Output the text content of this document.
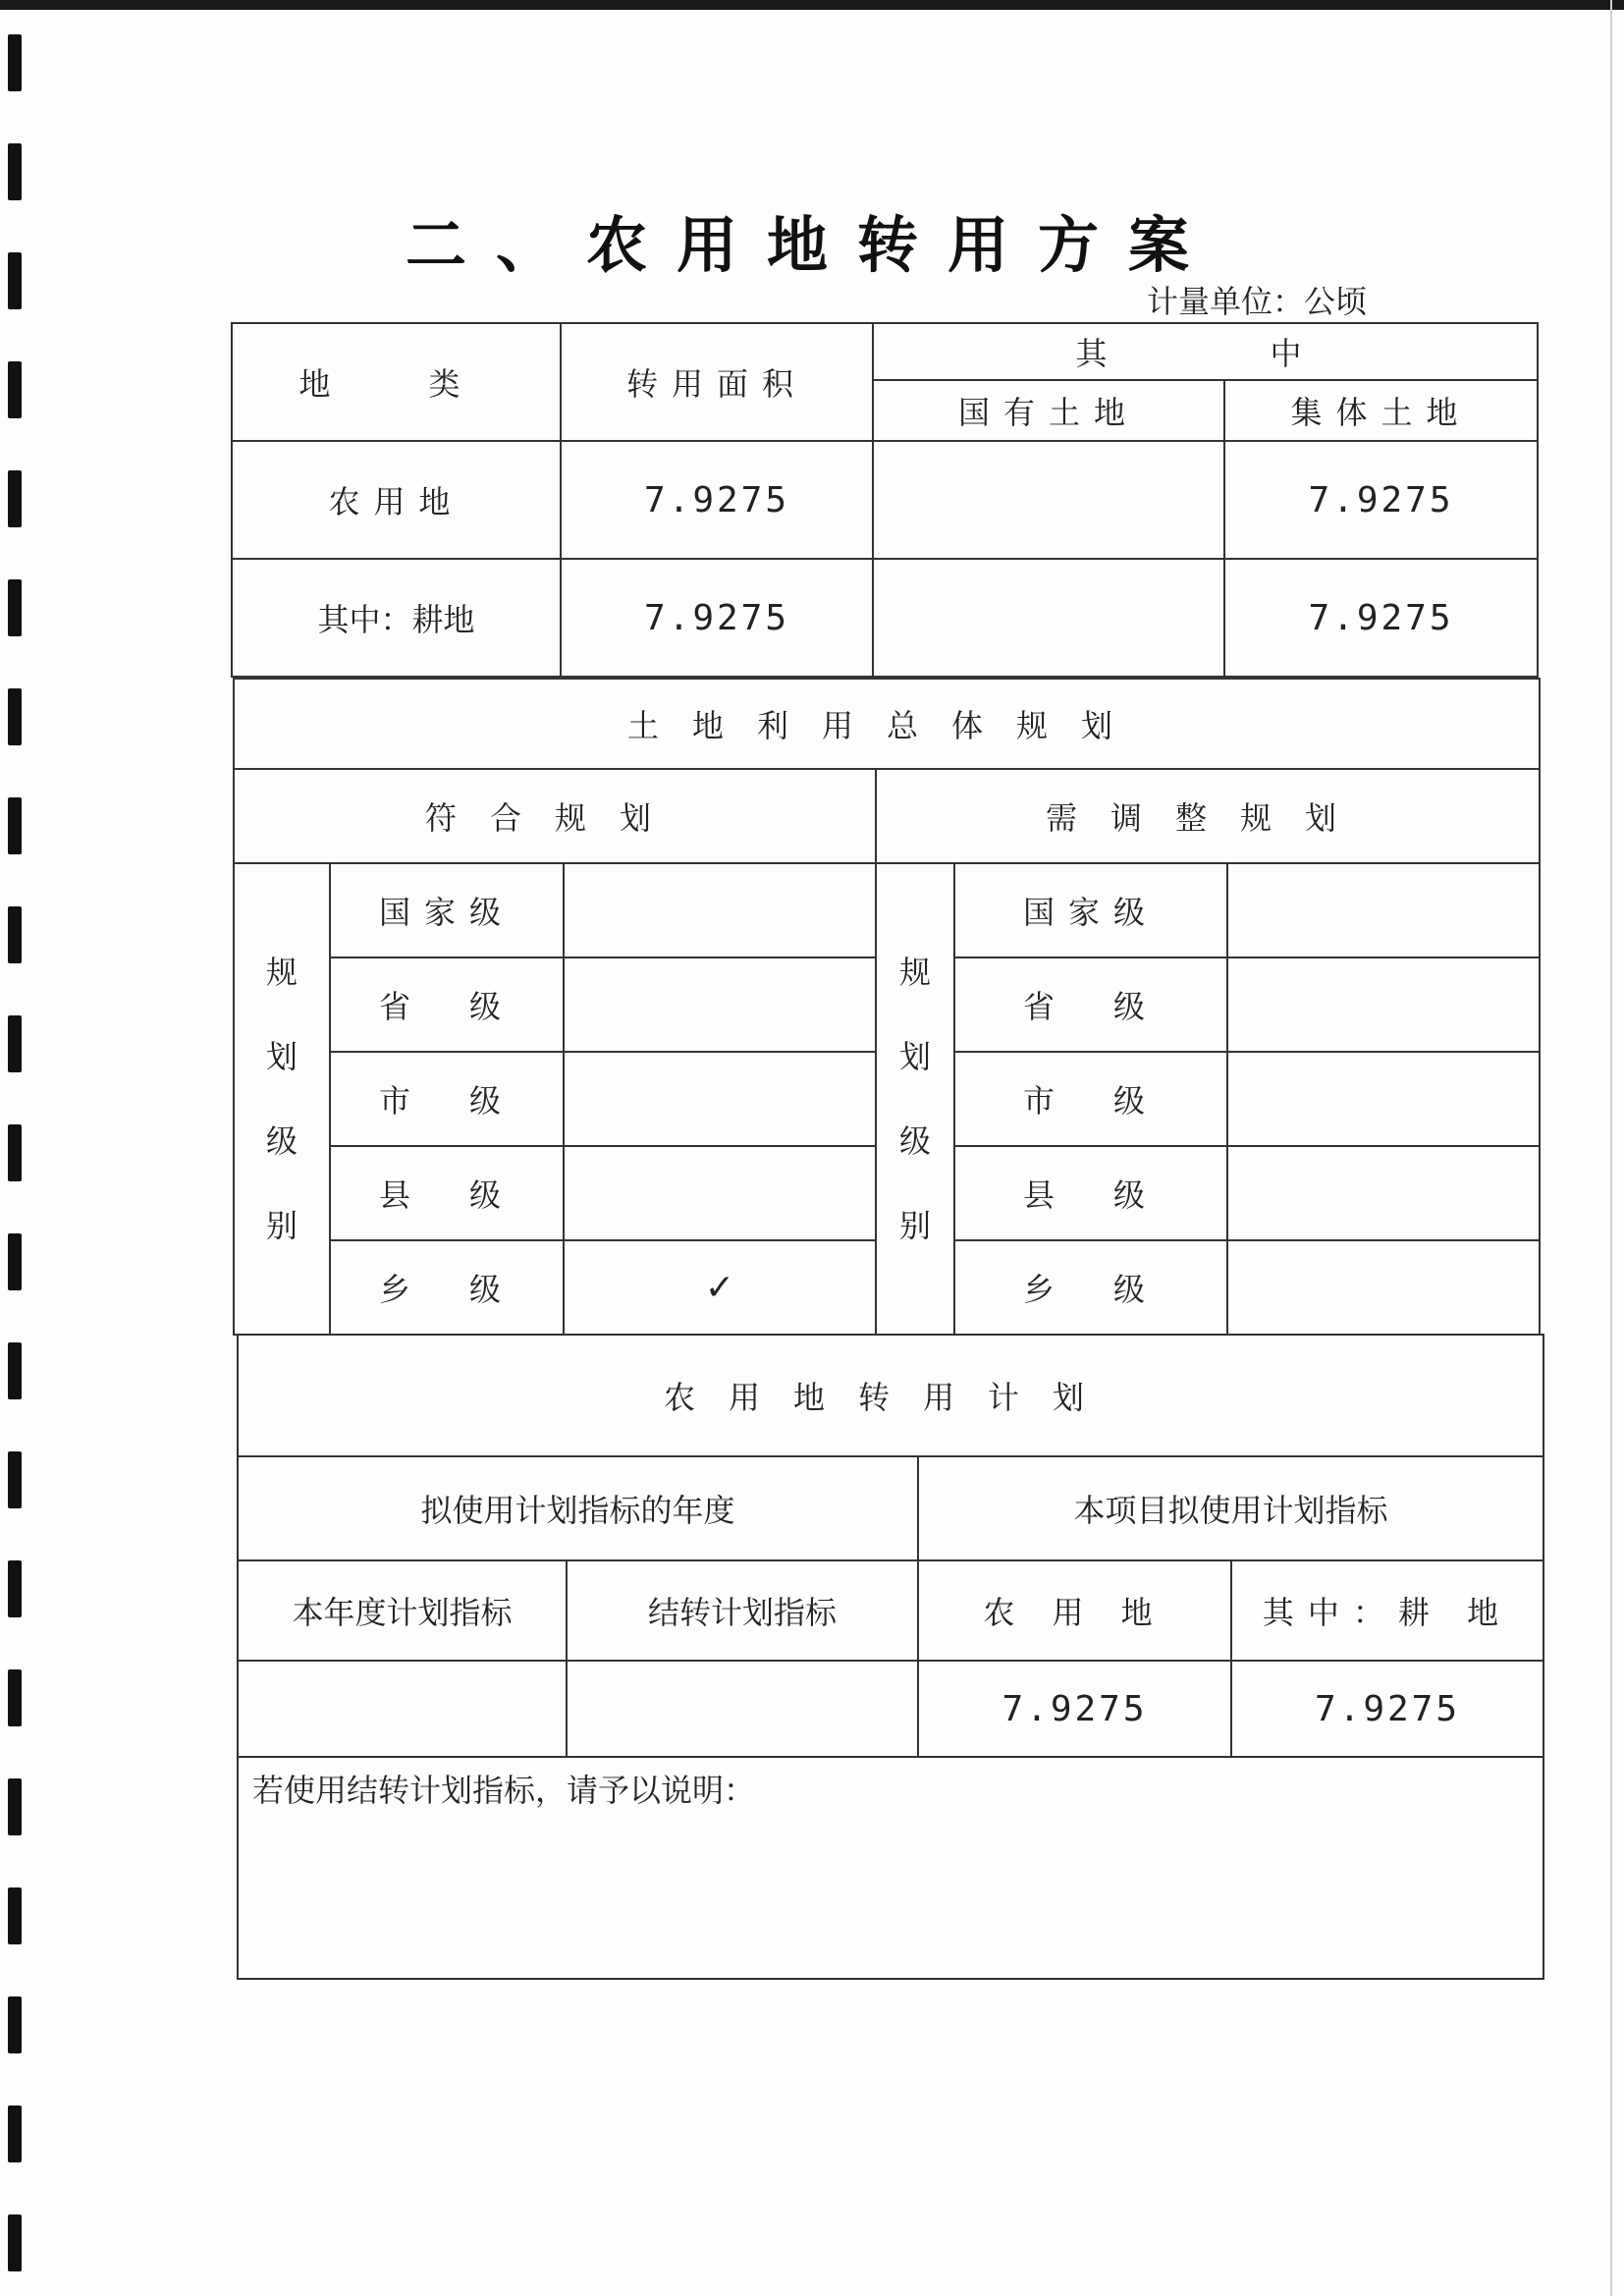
二、农用地转用方案
计量单位：公顷
地　类	转用面积	其　　中	
		国有土地	集体土地
农用地	7.9275		7.9275
其中：耕地	7.9275		7.9275
土地利用总体规划					
符合规划			需调整规划		

规划级别	国家级		规划级别	国家级	
	省　级			省　级	
	市　级			市　级	
	县　级			县　级	
	乡　级	✓		乡　级	
农用地转用计划			
拟使用计划指标的年度		本项目拟使用计划指标	
本年度计划指标	结转计划指标	农 用 地	其中：耕 地
		7.9275	7.9275
若使用结转计划指标，请予以说明：			
